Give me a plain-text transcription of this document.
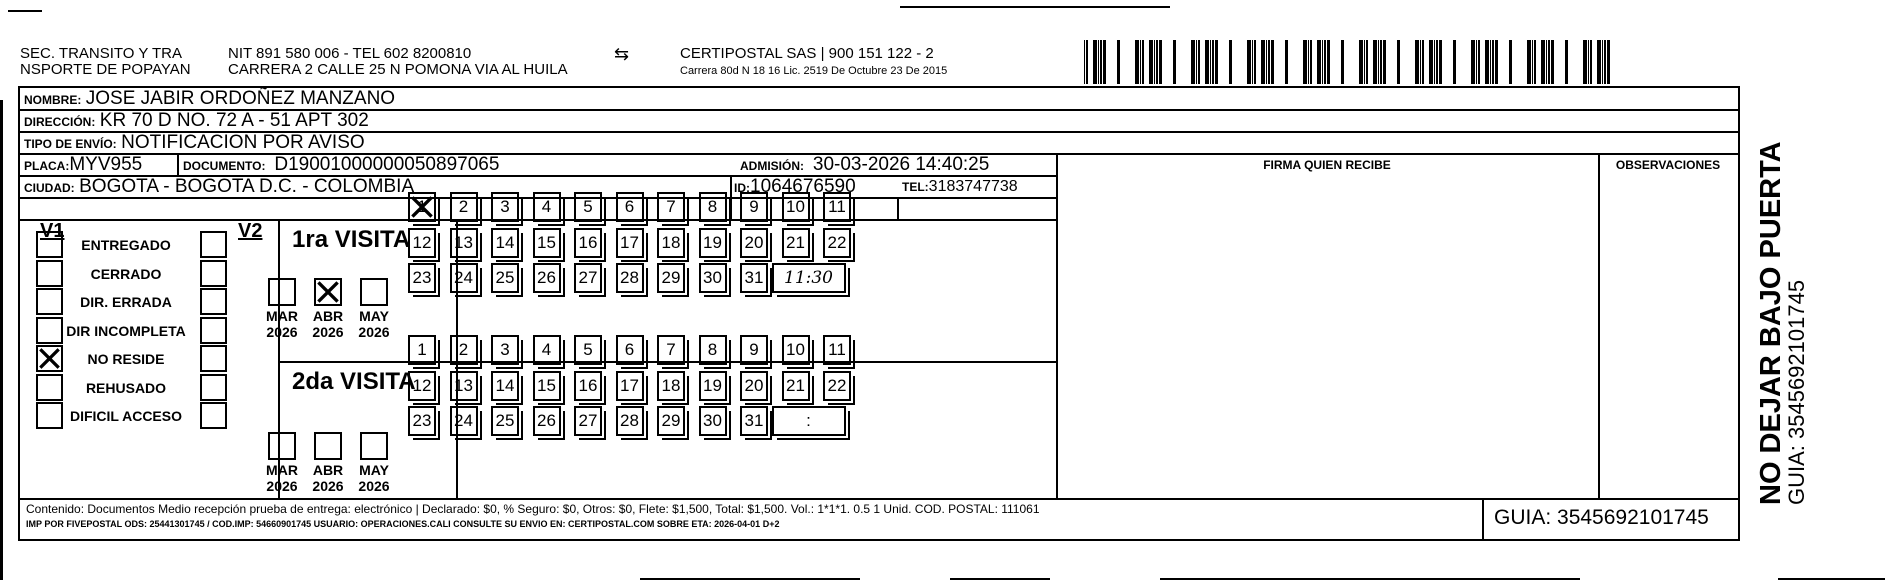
SEC. TRANSITO Y TRA
NSPORTE DE POPAYAN
NIT 891 580 006 - TEL 602 8200810
CARRERA 2 CALLE 25 N POMONA VIA AL HUILA
⇆	CERTIPOSTAL SAS | 900 151 122 - 2
Carrera 80d N 18 16 Lic. 2519 De Octubre 23 De 2015
NOMBRE: JOSE JABIR ORDOÑEZ MANZANO
DIRECCIÓN: KR 70 D NO. 72 A - 51 APT 302
TIPO DE ENVÍO: NOTIFICACION POR AVISO
FIRMA QUIEN RECIBE	OBSERVACIONES
PLACA:MYV955	DOCUMENTO: D19001000000050897065	ADMISIÓN: 30-03-2026 14:40:25
CIUDAD: BOGOTA - BOGOTA D.C. - COLOMBIA	ID:1064676590	TEL:3183747738
V1	V2 1ra VISITA
2da VISITA
Contenido: Documentos Medio recepción prueba de entrega: electrónico | Declarado: $0, % Seguro: $0, Otros: $0, Flete: $1,500, Total: $1,500. Vol.: 1*1*1. 0.5 1 Unid. COD. POSTAL: 111061
IMP POR FIVEPOSTAL ODS: 25441301745 / COD.IMP: 54660901745 USUARIO: OPERACIONES.CALI CONSULTE SU ENVIO EN: CERTIPOSTAL.COM SOBRE ETA: 2026-04-01 D+2	GUIA: 3545692101745
ENTREGADO
CERRADO
DIR. ERRADA
DIR INCOMPLETA
NO RESIDE
REHUSADO
DIFICIL ACCESO
MAR
2026
ABR
2026
MAY
2026
MAR
2026
ABR
2026
MAY
2026
1	2	3	4	5	6	7	8	9	10	11
12 13 14 15 16 17 18 19 20 21 22
23 24 25 26 27 28 29 30 31	11:30
1	2	3	4	5	6	7	8	9	10	11
12 13 14 15 16 17 18 19 20 21 22
23 24 25 26 27 28 29 30 31	:	NO DEJAR BAJO PUERTA
GUIA: 3545692101745
